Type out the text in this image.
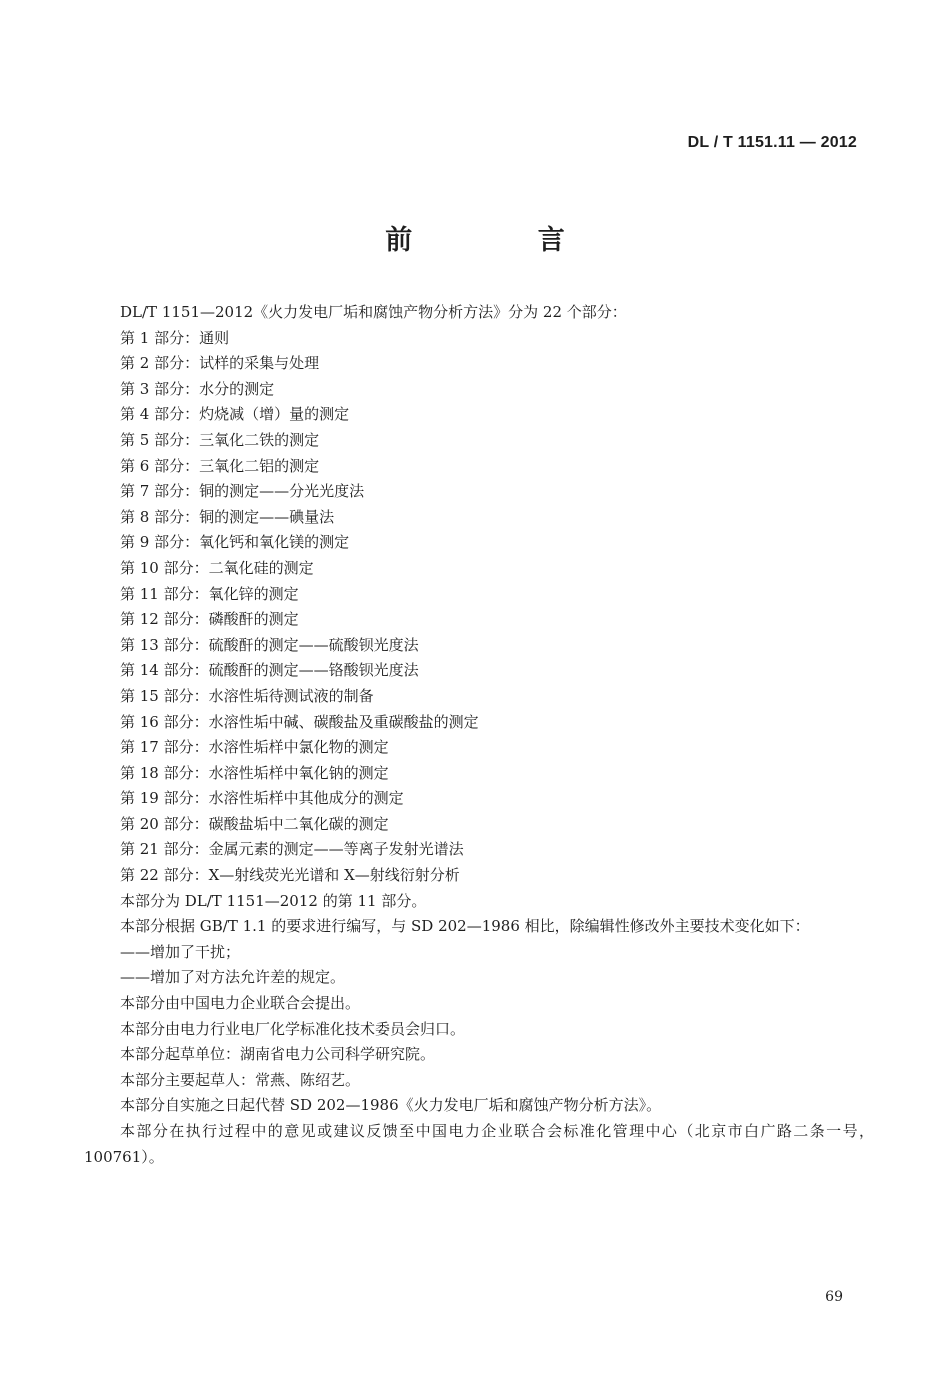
DL / T 1151.11 — 2012
前 言

DL/T 1151—2012《火力发电厂垢和腐蚀产物分析方法》分为 22 个部分：

第 1 部分：通则

第 2 部分：试样的采集与处理

第 3 部分：水分的测定

第 4 部分：灼烧减（增）量的测定

第 5 部分：三氧化二铁的测定

第 6 部分：三氧化二铝的测定

第 7 部分：铜的测定——分光光度法

第 8 部分：铜的测定——碘量法

第 9 部分：氧化钙和氧化镁的测定

第 10 部分：二氧化硅的测定

第 11 部分：氧化锌的测定

第 12 部分：磷酸酐的测定

第 13 部分：硫酸酐的测定——硫酸钡光度法

第 14 部分：硫酸酐的测定——铬酸钡光度法

第 15 部分：水溶性垢待测试液的制备

第 16 部分：水溶性垢中碱、碳酸盐及重碳酸盐的测定

第 17 部分：水溶性垢样中氯化物的测定

第 18 部分：水溶性垢样中氧化钠的测定

第 19 部分：水溶性垢样中其他成分的测定

第 20 部分：碳酸盐垢中二氧化碳的测定

第 21 部分：金属元素的测定——等离子发射光谱法

第 22 部分：X—射线荧光光谱和 X—射线衍射分析

本部分为 DL/T 1151—2012 的第 11 部分。

本部分根据 GB/T 1.1 的要求进行编写，与 SD 202—1986 相比，除编辑性修改外主要技术变化如下：

——增加了干扰；

——增加了对方法允许差的规定。

本部分由中国电力企业联合会提出。

本部分由电力行业电厂化学标准化技术委员会归口。

本部分起草单位：湖南省电力公司科学研究院。

本部分主要起草人：常燕、陈绍艺。

本部分自实施之日起代替 SD 202—1986《火力发电厂垢和腐蚀产物分析方法》。

本部分在执行过程中的意见或建议反馈至中国电力企业联合会标准化管理中心（北京市白广路二条一号，100761）。

69
